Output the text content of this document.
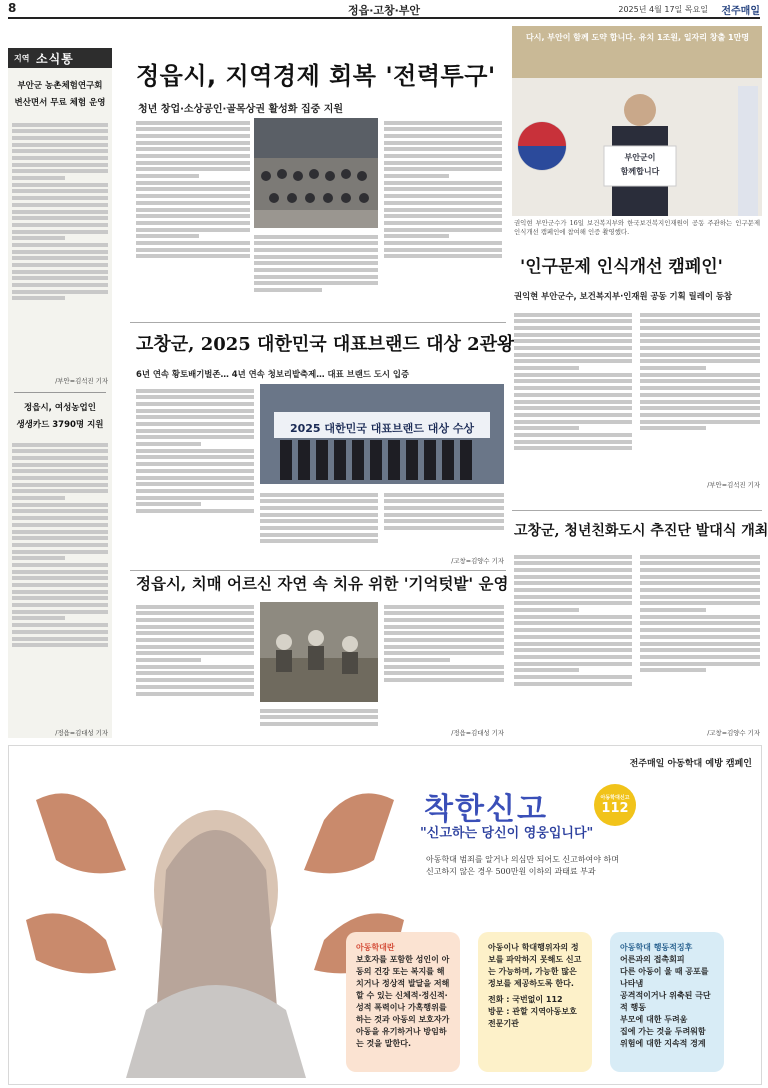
8	정읍·고창·부안	2025년 4월 17일 목요일 전주매일
지역 소식통
부안군 농촌체험연구회
변산면서 무료 체험 운영
/부안=김석진 기자
정읍시, 여성농업인
생생카드 3790명 지원
/정읍=김대성 기자
정읍시, 지역경제 회복 '전력투구'
청년 창업·소상공인·골목상권 활성화 집중 지원
고창군, 2025 대한민국 대표브랜드 대상 2관왕
6년 연속 황토배기벌존… 4년 연속 청보리밭축제… 대표 브랜드 도시 입증
2025 대한민국 대표브랜드 대상 수상
/고창=김양수 기자
정읍시, 치매 어르신 자연 속 치유 위한 '기억텃밭' 운영
/정읍=김대성 기자
다시, 부안이 함께 도약 합니다. 유치 1조원, 일자리 창출 1만명
부안군이
함께합니다
권익현 부안군수가 16일 보건복지부와 한국보건복지인재원이 공동 주관하는 인구문제 인식개선 캠페인에 참여해 인증 촬영했다.
'인구문제 인식개선 캠페인'
권익현 부안군수, 보건복지부·인재원 공동 기획 릴레이 동참
/부안=김석진 기자
고창군, 청년친화도시 추진단 발대식 개최
/고창=김양수 기자
전주매일 아동학대 예방 캠페인
착한신고	아동학대신고
112
"신고하는 당신이 영웅입니다"
아동학대 범죄를 알거나 의심만 되어도 신고하여야 하며
신고하지 않은 경우 500만원 이하의 과태료 부과

아동학대란

보호자를 포함한 성인이 아동의 건강 또는 복지를 해치거나 정상적 발달을 저해할 수 있는 신체적·정신적·성적 폭력이나 가혹행위를 하는 것과 아동의 보호자가 아동을 유기하거나 방임하는 것을 말한다.

아동이나 학대행위자의 정보를 파악하지 못해도 신고는 가능하며, 가능한 많은 정보를 제공하도록 한다.

전화 : 국번없이 112

방문 : 관할 지역아동보호전문기관

아동학대 행동적징후

어른과의 접촉회피

다른 아동이 울 때 공포를 나타냄

공격적이거나 위축된 극단적 행동

부모에 대한 두려움

집에 가는 것을 두려워함

위험에 대한 지속적 경계
